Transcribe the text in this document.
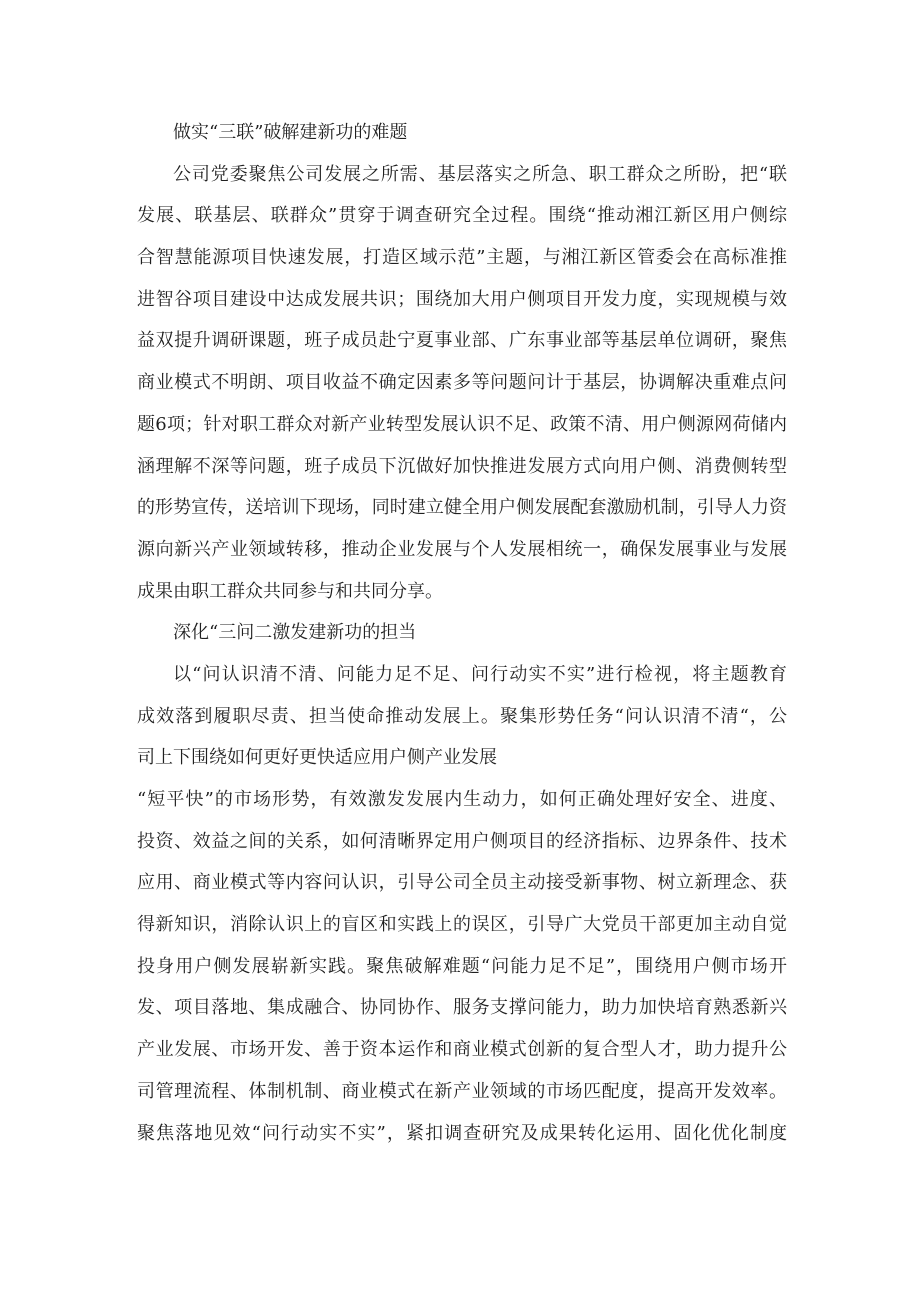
做实“三联”破解建新功的难题
公司党委聚焦公司发展之所需、基层落实之所急、职工群众之所盼，把“联
发展、联基层、联群众”贯穿于调查研究全过程。围绕“推动湘江新区用户侧综
合智慧能源项目快速发展，打造区域示范”主题，与湘江新区管委会在高标准推
进智谷项目建设中达成发展共识；围绕加大用户侧项目开发力度，实现规模与效
益双提升调研课题，班子成员赴宁夏事业部、广东事业部等基层单位调研，聚焦
商业模式不明朗、项目收益不确定因素多等问题问计于基层，协调解决重难点问
题6项；针对职工群众对新产业转型发展认识不足、政策不清、用户侧源网荷储内
涵理解不深等问题，班子成员下沉做好加快推进发展方式向用户侧、消费侧转型
的形势宣传，送培训下现场，同时建立健全用户侧发展配套激励机制，引导人力资
源向新兴产业领域转移，推动企业发展与个人发展相统一，确保发展事业与发展
成果由职工群众共同参与和共同分享。
深化“三问二激发建新功的担当
以“问认识清不清、问能力足不足、问行动实不实”进行检视，将主题教育
成效落到履职尽责、担当使命推动发展上。聚集形势任务“问认识清不清“，公
司上下围绕如何更好更快适应用户侧产业发展
“短平快”的市场形势，有效激发发展内生动力，如何正确处理好安全、进度、
投资、效益之间的关系，如何清晰界定用户侧项目的经济指标、边界条件、技术
应用、商业模式等内容问认识，引导公司全员主动接受新事物、树立新理念、获
得新知识，消除认识上的盲区和实践上的误区，引导广大党员干部更加主动自觉
投身用户侧发展崭新实践。聚焦破解难题“问能力足不足”，围绕用户侧市场开
发、项目落地、集成融合、协同协作、服务支撑问能力，助力加快培育熟悉新兴
产业发展、市场开发、善于资本运作和商业模式创新的复合型人才，助力提升公
司管理流程、体制机制、商业模式在新产业领域的市场匹配度，提高开发效率。
聚焦落地见效“问行动实不实”，紧扣调查研究及成果转化运用、固化优化制度
